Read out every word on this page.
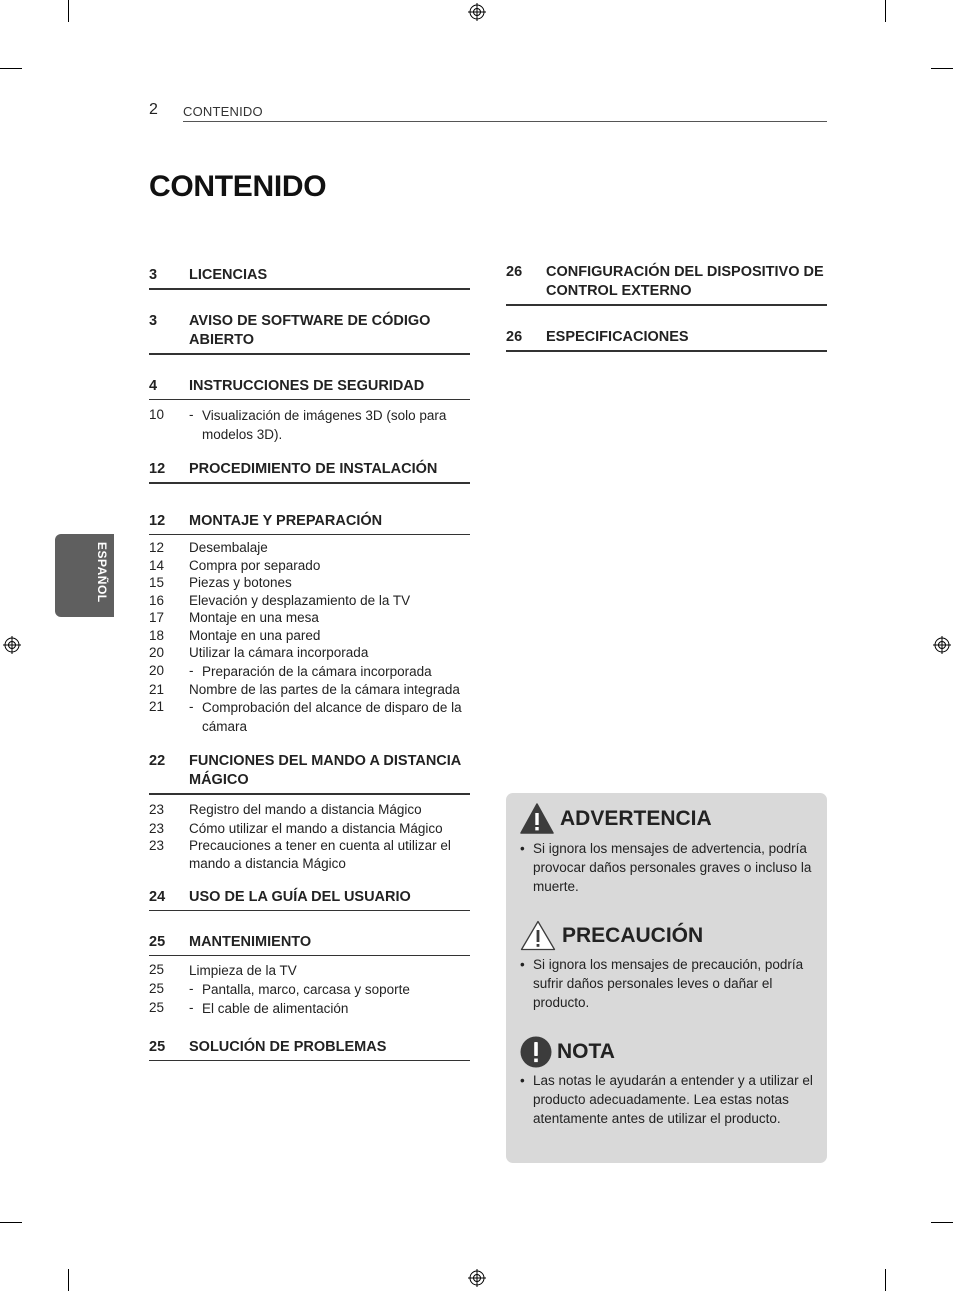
2 CONTENIDO
CONTENIDO
ESPAÑOL
3	LICENCIAS
3	AVISO DE SOFTWARE DE CÓDIGO ABIERTO
4	INSTRUCCIONES DE SEGURIDAD
10	- Visualización de imágenes 3D (solo para modelos 3D).
12	PROCEDIMIENTO DE INSTALACIÓN
12	MONTAJE Y PREPARACIÓN
12	Desembalaje
14	Compra por separado
15	Piezas y botones
16	Elevación y desplazamiento de la TV
17	Montaje en una mesa
18	Montaje en una pared
20	Utilizar la cámara incorporada
20	- Preparación de la cámara incorporada
21	Nombre de las partes de la cámara integrada
21	- Comprobación del alcance de disparo de la cámara
22	FUNCIONES DEL MANDO A DISTANCIA MÁGICO
23	Registro del mando a distancia Mágico
23	Cómo utilizar el mando a distancia Mágico
23	Precauciones a tener en cuenta al utilizar el mando a distancia Mágico
24	USO DE LA GUÍA DEL USUARIO
25	MANTENIMIENTO
25	Limpieza de la TV
25	- Pantalla, marco, carcasa y soporte
25	- El cable de alimentación
25	SOLUCIÓN DE PROBLEMAS
26	CONFIGURACIÓN DEL DISPOSITIVO DE CONTROL EXTERNO
26	ESPECIFICACIONES
ADVERTENCIA
• Si ignora los mensajes de advertencia, podría provocar daños personales graves o incluso la muerte.
PRECAUCIÓN
• Si ignora los mensajes de precaución, podría sufrir daños personales leves o dañar el producto.
NOTA
• Las notas le ayudarán a entender y a utilizar el producto adecuadamente. Lea estas notas atentamente antes de utilizar el producto.
